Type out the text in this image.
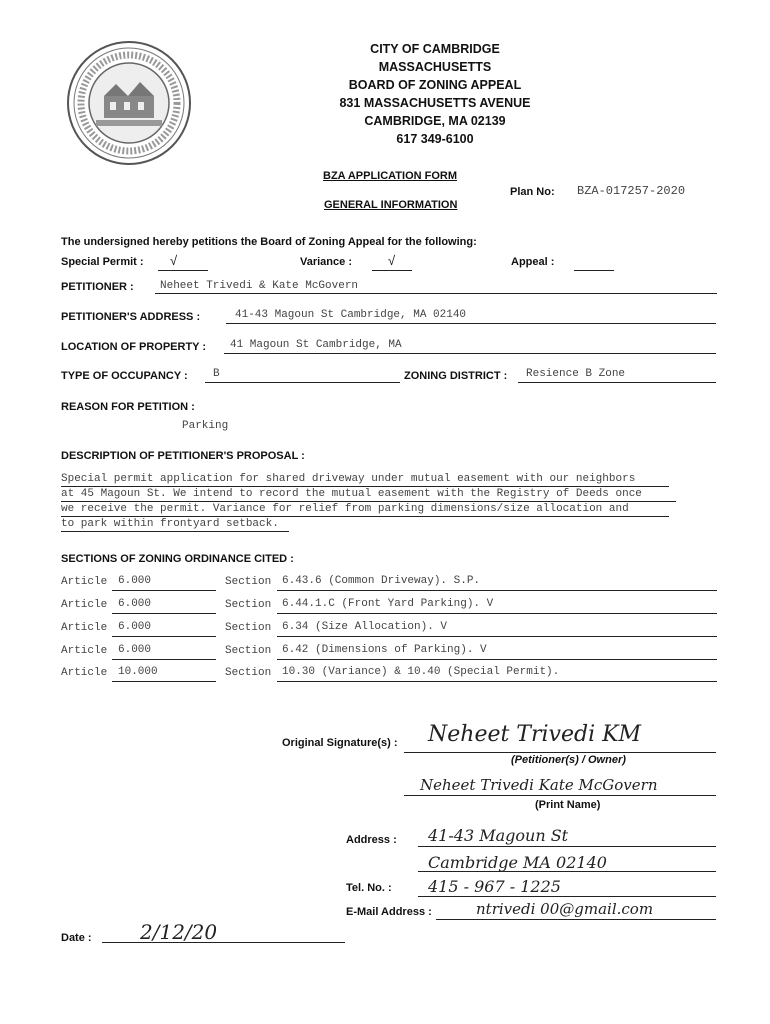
CITY OF CAMBRIDGE
MASSACHUSETTS
BOARD OF ZONING APPEAL
831 MASSACHUSETTS AVENUE
CAMBRIDGE, MA 02139
617 349-6100
BZA APPLICATION FORM
Plan No: BZA-017257-2020
GENERAL INFORMATION
The undersigned hereby petitions the Board of Zoning Appeal for the following:
Special Permit : √	Variance :	√	Appeal :
PETITIONER : Neheet Trivedi & Kate McGovern
PETITIONER'S ADDRESS :	41-43 Magoun St Cambridge, MA 02140
LOCATION OF PROPERTY : 41 Magoun St Cambridge, MA
TYPE OF OCCUPANCY : B	ZONING DISTRICT : Resience B Zone
REASON FOR PETITION :
Parking
DESCRIPTION OF PETITIONER'S PROPOSAL :
Special permit application for shared driveway under mutual easement with our neighbors
at 45 Magoun St. We intend to record the mutual easement with the Registry of Deeds once
we receive the permit. Variance for relief from parking dimensions/size allocation and
to park within frontyard setback.
SECTIONS OF ZONING ORDINANCE CITED :
Article 6.000	Section 6.43.6 (Common Driveway). S.P.
Article 6.000	Section 6.44.1.C (Front Yard Parking). V
Article 6.000	Section 6.34 (Size Allocation). V
Article 6.000	Section 6.42 (Dimensions of Parking). V
Article 10.000	Section 10.30 (Variance) & 10.40 (Special Permit).
Original Signature(s) : Neheet Trivedi KM
(Petitioner(s) / Owner)
Neheet Trivedi Kate McGovern
(Print Name)
Address : 41-43 Magoun St
Cambridge MA 02140
Tel. No. : 415 - 967 - 1225
E-Mail Address :	ntrivedi 00@gmail.com
Date : 2/12/20
